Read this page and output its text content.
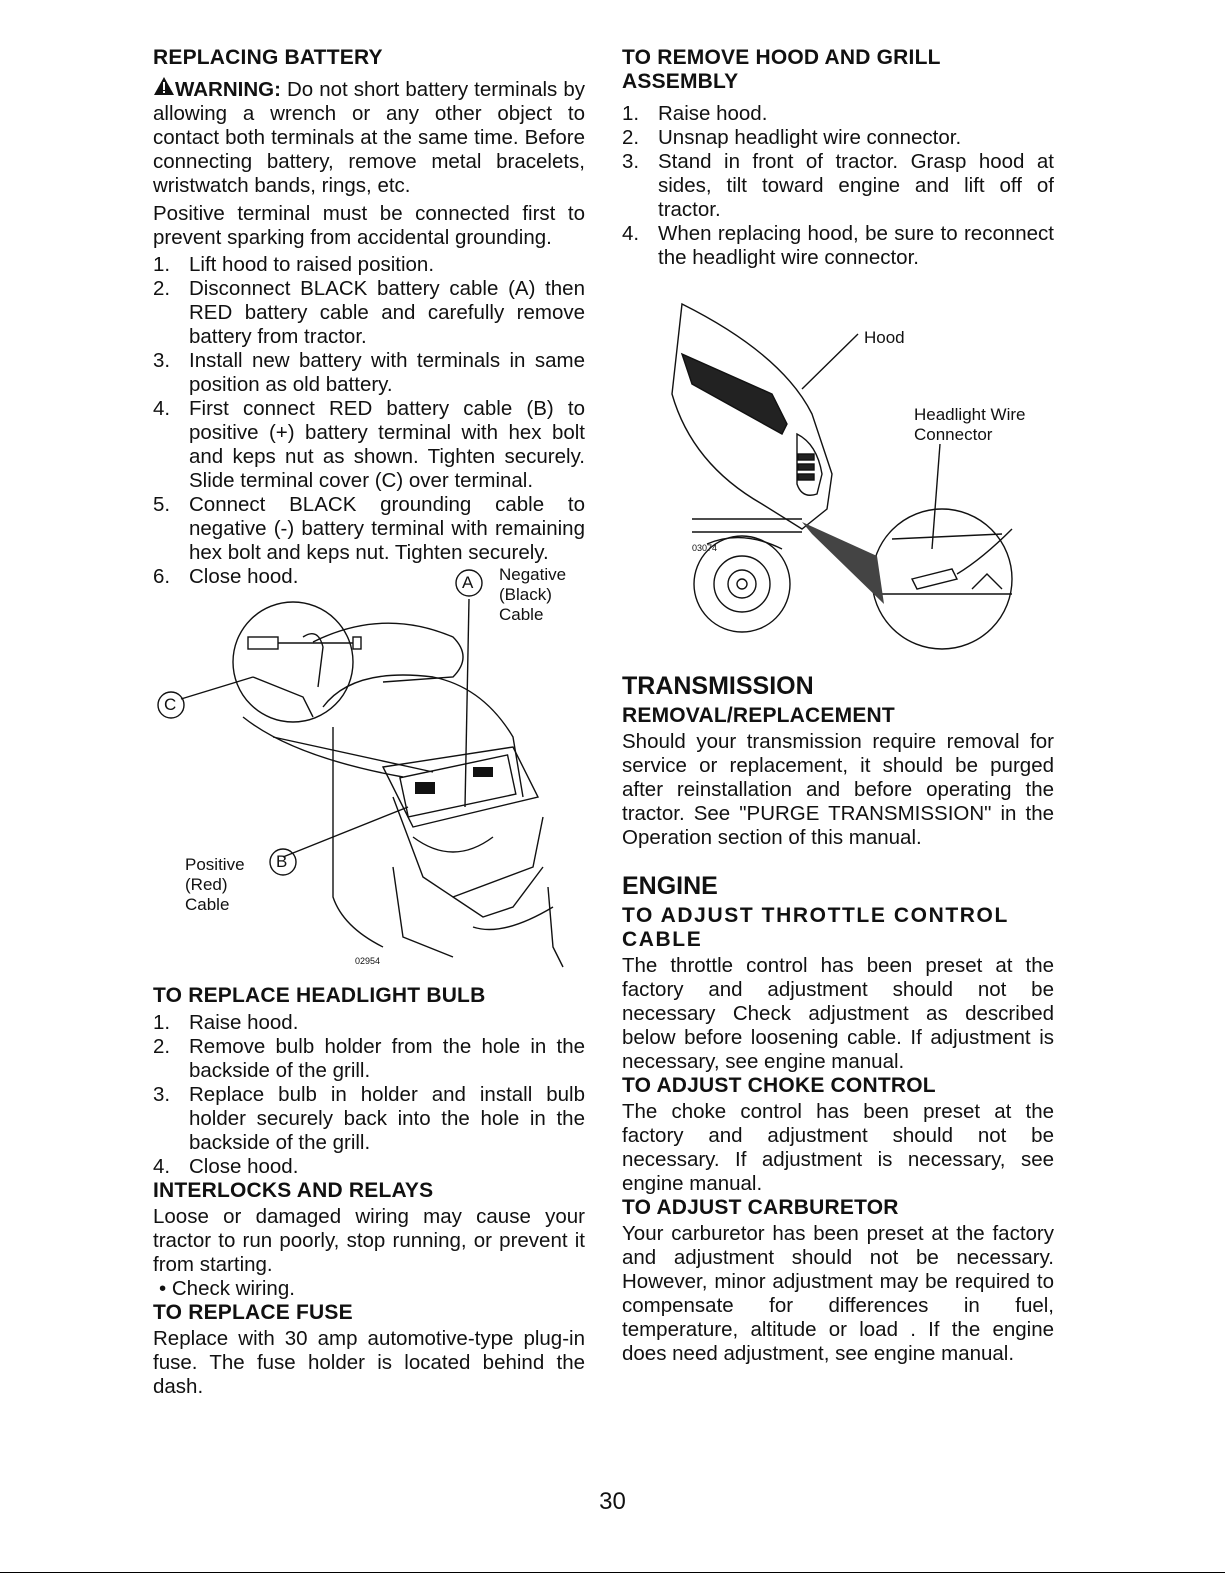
REPLACING BATTERY

WARNING: Do not short battery terminals by allowing a wrench or any other object to contact both terminals at the same time. Before connecting battery, remove metal bracelets, wristwatch bands, rings, etc.

Positive terminal must be connected first to prevent sparking from accidental grounding.

1. Lift hood to raised position.
2. Disconnect BLACK battery cable (A) then RED battery cable and carefully remove battery from tractor.
3. Install new battery with terminals in same position as old battery.
4. First connect RED battery cable (B) to positive (+) battery terminal with hex bolt and keps nut as shown. Tighten securely. Slide terminal cover (C) over terminal.
5. Connect BLACK grounding cable to negative (-) battery terminal with remaining hex bolt and keps nut. Tighten securely.
6. Close hood.	A Negative
(Black)
Cable
C
B
Positive
(Red)
Cable
02954
TO REPLACE HEADLIGHT BULB
1. Raise hood.
2. Remove bulb holder from the hole in the backside of the grill.
3. Replace bulb in holder and install bulb holder securely back into the hole in the backside of the grill.
4. Close hood.
INTERLOCKS AND RELAYS

Loose or damaged wiring may cause your tractor to run poorly, stop running, or prevent it from starting.

• Check wiring.

TO REPLACE FUSE

Replace with 30 amp automotive-type plug-in fuse. The fuse holder is located behind the dash.

TO REMOVE HOOD AND GRILL ASSEMBLY
1. Raise hood.
2. Unsnap headlight wire connector.
3. Stand in front of tractor. Grasp hood at sides, tilt toward engine and lift off of tractor.
4. When replacing hood, be sure to reconnect the headlight wire connector.
Hood
Headlight Wire
Connector
03074
TRANSMISSION
REMOVAL/REPLACEMENT

Should your transmission require removal for service or replacement, it should be purged after reinstallation and before operating the tractor. See "PURGE TRANSMISSION" in the Operation section of this manual.

ENGINE
TO ADJUST THROTTLE CONTROL CABLE

The throttle control has been preset at the factory and adjustment should not be necessary Check adjustment as described below before loosening cable. If adjustment is necessary, see engine manual.

TO ADJUST CHOKE CONTROL

The choke control has been preset at the factory and adjustment should not be necessary. If adjustment is necessary, see engine manual.

TO ADJUST CARBURETOR

Your carburetor has been preset at the factory and adjustment should not be necessary. However, minor adjustment may be required to compensate for differences in fuel, temperature, altitude or load . If the engine does need adjustment, see engine manual.

30
